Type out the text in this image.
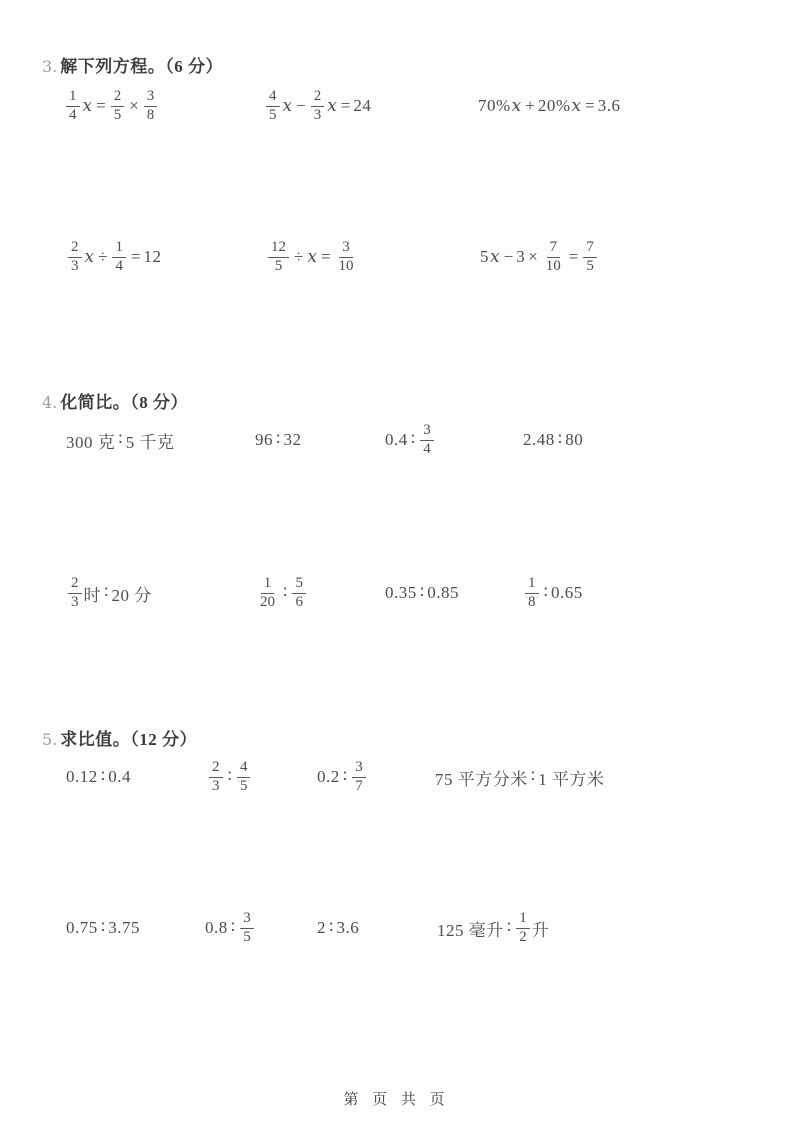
3. 解下列方程。（6 分）
$\frac{1}{4}$ $x = \frac{2}{5} \times \frac{3}{8}$	$\frac{4}{5}$ $x - \frac{2}{3}$ x = 24	70% x + 20% x = 3.6
$\frac{2}{3}$ $x \div \frac{1}{4} = 12$	$\frac{12}{5} \div x = \frac{3}{10}$	5 $x - 3 \times \frac{7}{10} = \frac{7}{5}$
4. 化简比。（8 分）
300 克 ∶ 5 千克	96 ∶ 32	0.4 ∶ $\frac{3}{4}$	2.48 ∶ 80
$\frac{2}{3}$ 时 ∶ 20 分	$\frac{1}{20}$ ∶ $\frac{5}{6}$	0.35 ∶ 0.85	$\frac{1}{8}$ ∶ 0.65
5. 求比值。（12 分）
0.12 ∶ 0.4	$\frac{2}{3}$ ∶ $\frac{4}{5}$	0.2 ∶ $\frac{3}{7}$	75 平方分米 ∶ 1 平方米
0.75 ∶ 3.75	0.8 ∶ $\frac{3}{5}$	2 ∶ 3.6	125 毫升 ∶ $\frac{1}{2}$ 升
第 页 共 页
